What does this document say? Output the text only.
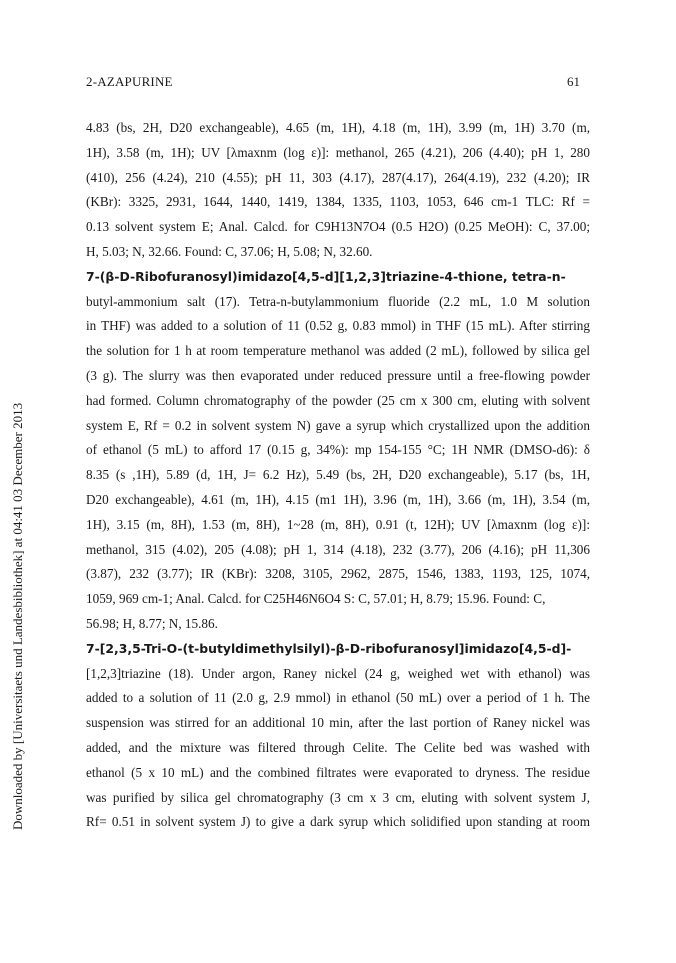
2-AZAPURINE	61
Downloaded by [Universitaets und Landesbibliothek] at 04:41 03 December 2013
4.83 (bs, 2H, D20 exchangeable), 4.65 (m, 1H), 4.18 (m, 1H), 3.99 (m, 1H) 3.70 (m,
1H), 3.58 (m, 1H); UV [λmaxnm (log ε)]: methanol, 265 (4.21), 206 (4.40); pH 1, 280
(410), 256 (4.24), 210 (4.55); pH 11, 303 (4.17), 287(4.17), 264(4.19), 232 (4.20); IR
(KBr): 3325, 2931, 1644, 1440, 1419, 1384, 1335, 1103, 1053, 646 cm-1 TLC: Rf =
0.13 solvent system E; Anal. Calcd. for C9H13N7O4 (0.5 H2O) (0.25 MeOH): C, 37.00;
H, 5.03; N, 32.66. Found: C, 37.06; H, 5.08; N, 32.60.
7-(β-D-Ribofuranosyl)imidazo[4,5-d][1,2,3]triazine-4-thione, tetra-n-
butyl-ammonium salt (17). Tetra-n-butylammonium fluoride (2.2 mL, 1.0 M solution
in THF) was added to a solution of 11 (0.52 g, 0.83 mmol) in THF (15 mL). After stirring
the solution for 1 h at room temperature methanol was added (2 mL), followed by silica gel
(3 g). The slurry was then evaporated under reduced pressure until a free-flowing powder
had formed. Column chromatography of the powder (25 cm x 300 cm, eluting with solvent
system E, Rf = 0.2 in solvent system N) gave a syrup which crystallized upon the addition
of ethanol (5 mL) to afford 17 (0.15 g, 34%): mp 154-155 °C; 1H NMR (DMSO-d6): δ
8.35 (s ,1H), 5.89 (d, 1H, J= 6.2 Hz), 5.49 (bs, 2H, D20 exchangeable), 5.17 (bs, 1H,
D20 exchangeable), 4.61 (m, 1H), 4.15 (m1 1H), 3.96 (m, 1H), 3.66 (m, 1H), 3.54 (m,
1H), 3.15 (m, 8H), 1.53 (m, 8H), 1~28 (m, 8H), 0.91 (t, 12H); UV [λmaxnm (log ε)]:
methanol, 315 (4.02), 205 (4.08); pH 1, 314 (4.18), 232 (3.77), 206 (4.16); pH 11,306
(3.87), 232 (3.77); IR (KBr): 3208, 3105, 2962, 2875, 1546, 1383, 1193, 125, 1074,
1059, 969 cm-1; Anal. Calcd. for C25H46N6O4 S: C, 57.01; H, 8.79; 15.96. Found: C,
56.98; H, 8.77; N, 15.86.
7-[2,3,5-Tri-O-(t-butyldimethylsilyl)-β-D-ribofuranosyl]imidazo[4,5-d]-
[1,2,3]triazine (18). Under argon, Raney nickel (24 g, weighed wet with ethanol) was
added to a solution of 11 (2.0 g, 2.9 mmol) in ethanol (50 mL) over a period of 1 h. The
suspension was stirred for an additional 10 min, after the last portion of Raney nickel was
added, and the mixture was filtered through Celite. The Celite bed was washed with
ethanol (5 x 10 mL) and the combined filtrates were evaporated to dryness. The residue
was purified by silica gel chromatography (3 cm x 3 cm, eluting with solvent system J,
Rf= 0.51 in solvent system J) to give a dark syrup which solidified upon standing at room
